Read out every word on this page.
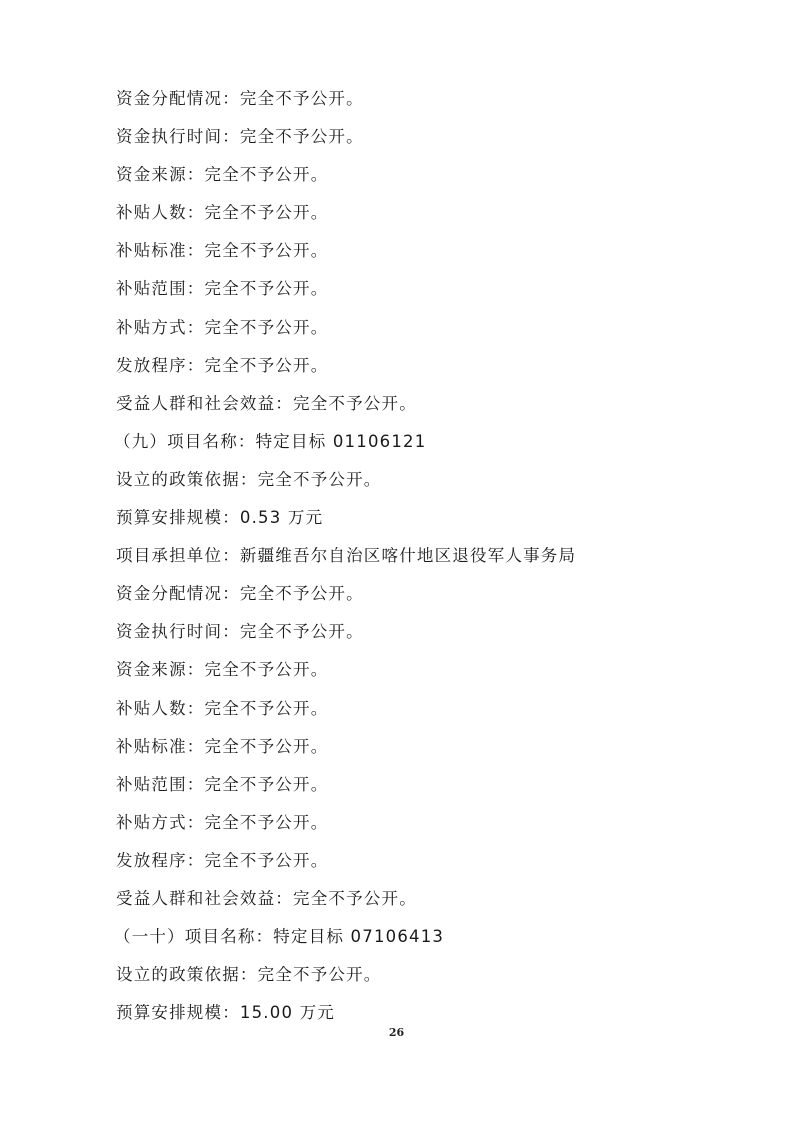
资金分配情况：完全不予公开。
资金执行时间：完全不予公开。
资金来源：完全不予公开。
补贴人数：完全不予公开。
补贴标准：完全不予公开。
补贴范围：完全不予公开。
补贴方式：完全不予公开。
发放程序：完全不予公开。
受益人群和社会效益：完全不予公开。
（九）项目名称：特定目标 01106121
设立的政策依据：完全不予公开。
预算安排规模：0.53 万元
项目承担单位：新疆维吾尔自治区喀什地区退役军人事务局
资金分配情况：完全不予公开。
资金执行时间：完全不予公开。
资金来源：完全不予公开。
补贴人数：完全不予公开。
补贴标准：完全不予公开。
补贴范围：完全不予公开。
补贴方式：完全不予公开。
发放程序：完全不予公开。
受益人群和社会效益：完全不予公开。
（一十）项目名称：特定目标 07106413
设立的政策依据：完全不予公开。
预算安排规模：15.00 万元
26
